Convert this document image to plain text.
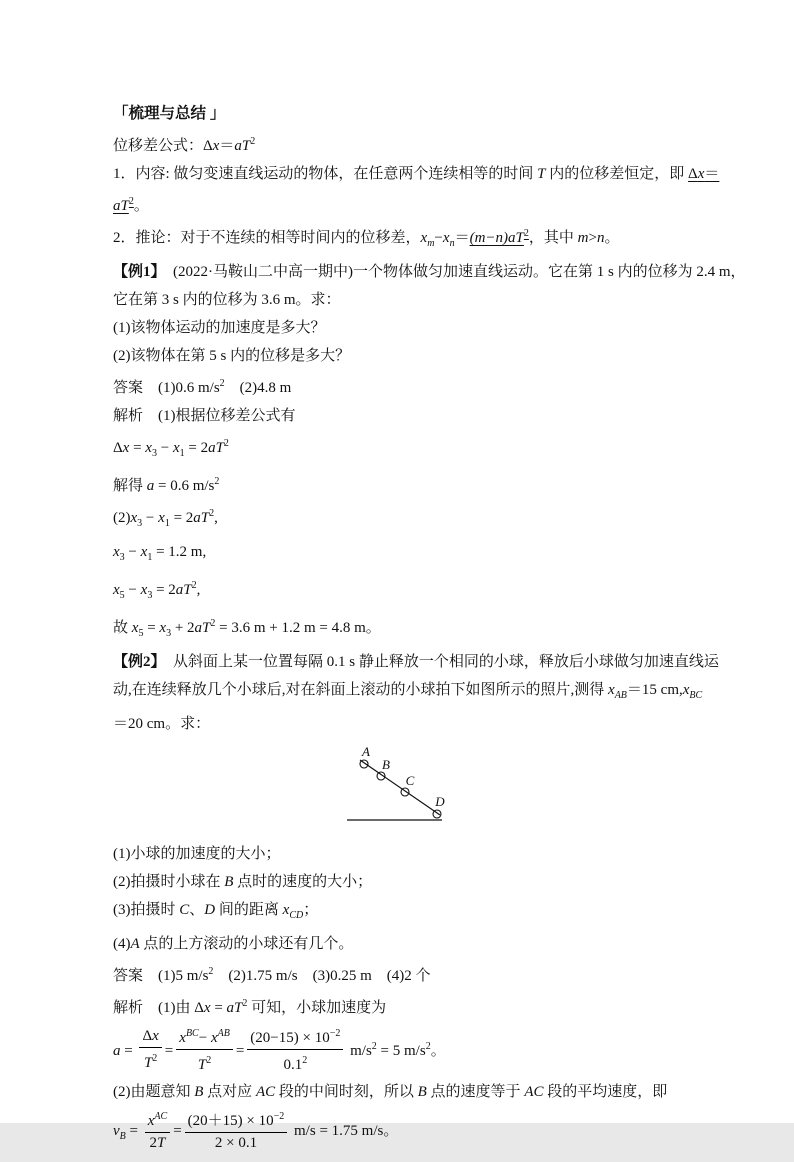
「梳理与总结 」

位移差公式：$\Delta x=aT^2$

1．内容: 做匀变速直线运动的物体，在任意两个连续相等的时间 T 内的位移差恒定，即 Δx＝

$aT^2$。

2．推论：对于不连续的相等时间内的位移差，$x_m-x_n=(m-n)aT^2$，其中 m>n。

【例1】　(2022·马鞍山二中高一期中)一个物体做匀加速直线运动。它在第 1 s 内的位移为 2.4 m，

它在第 3 s 内的位移为 3.6 m。求：

(1)该物体运动的加速度是多大？

(2)该物体在第 5 s 内的位移是多大？

答案　(1)0.6 $m/s^2$　(2)4.8 m

解析　(1)根据位移差公式有

$\Delta x = x_3 - x_1 = 2aT^2$

解得 a = 0.6 $m/s^2$

$(2)x_3 - x_1 = 2aT^2$,

$x_3 - x_1 = 1.2$ m,

$x_5 - x_3 = 2aT^2$,

故 $x_5 = x_3 + 2aT^2 = 3.6$ m + 1.2 m = 4.8 m。

【例2】　从斜面上某一位置每隔 0.1 s 静止释放一个相同的小球，释放后小球做匀加速直线运

动,在连续释放几个小球后,对在斜面上滚动的小球拍下如图所示的照片,测得 $x_{AB}=15$ $cm,x_{BC}$

＝20 cm。求：

A
B
C
D

(1)小球的加速度的大小；

(2)拍摄时小球在 B 点时的速度的大小；

(3)拍摄时 C、D 间的距离 $x_{CD}$；

(4)A 点的上方滚动的小球还有几个。

答案　(1)5 $m/s^2$　(2)1.75 m/s　(3)0.25 m　(4)2 个

解析　(1)由 $\Delta x = aT^2$ 可知，小球加速度为

$a = \frac{\Delta x}{T^2} = \frac{x^{BC}- x^{AB}}{T^2} = \frac{(20-15) \times 10^{-2}}{0.1^2} m/s^2 = 5$ $m/s^2$。

(2)由题意知 B 点对应 AC 段的中间时刻，所以 B 点的速度等于 AC 段的平均速度，即

$v_B = \frac{x^{AC}}{2T} = \frac{(20+15) \times 10^{-2}}{2 \times 0.1} m/s = 1.75$ m/s。
